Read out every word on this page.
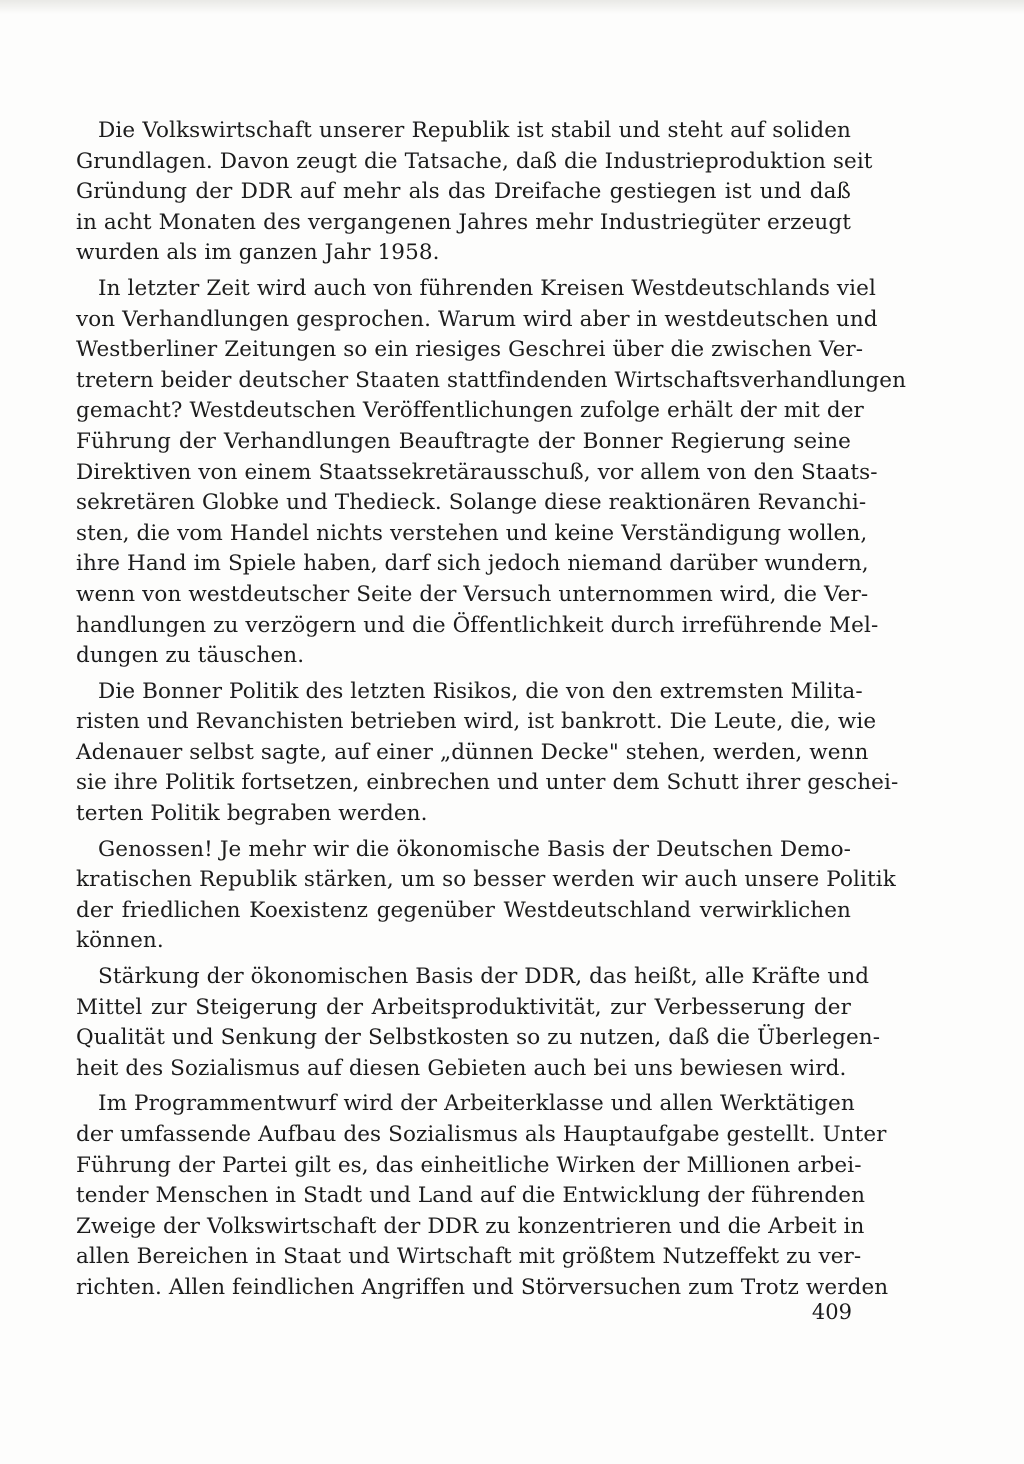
Die Volkswirtschaft unserer Republik ist stabil und steht auf soliden
Grundlagen. Davon zeugt die Tatsache, daß die Industrieproduktion seit
Gründung der DDR auf mehr als das Dreifache gestiegen ist und daß
in acht Monaten des vergangenen Jahres mehr Industriegüter erzeugt
wurden als im ganzen Jahr 1958.
In letzter Zeit wird auch von führenden Kreisen Westdeutschlands viel
von Verhandlungen gesprochen. Warum wird aber in westdeutschen und
Westberliner Zeitungen so ein riesiges Geschrei über die zwischen Ver-
tretern beider deutscher Staaten stattfindenden Wirtschaftsverhandlungen
gemacht? Westdeutschen Veröffentlichungen zufolge erhält der mit der
Führung der Verhandlungen Beauftragte der Bonner Regierung seine
Direktiven von einem Staatssekretärausschuß, vor allem von den Staats-
sekretären Globke und Thedieck. Solange diese reaktionären Revanchi-
sten, die vom Handel nichts verstehen und keine Verständigung wollen,
ihre Hand im Spiele haben, darf sich jedoch niemand darüber wundern,
wenn von westdeutscher Seite der Versuch unternommen wird, die Ver-
handlungen zu verzögern und die Öffentlichkeit durch irreführende Mel-
dungen zu täuschen.
Die Bonner Politik des letzten Risikos, die von den extremsten Milita-
risten und Revanchisten betrieben wird, ist bankrott. Die Leute, die, wie
Adenauer selbst sagte, auf einer „dünnen Decke" stehen, werden, wenn
sie ihre Politik fortsetzen, einbrechen und unter dem Schutt ihrer geschei-
terten Politik begraben werden.
Genossen! Je mehr wir die ökonomische Basis der Deutschen Demo-
kratischen Republik stärken, um so besser werden wir auch unsere Politik
der friedlichen Koexistenz gegenüber Westdeutschland verwirklichen
können.
Stärkung der ökonomischen Basis der DDR, das heißt, alle Kräfte und
Mittel zur Steigerung der Arbeitsproduktivität, zur Verbesserung der
Qualität und Senkung der Selbstkosten so zu nutzen, daß die Überlegen-
heit des Sozialismus auf diesen Gebieten auch bei uns bewiesen wird.
Im Programmentwurf wird der Arbeiterklasse und allen Werktätigen
der umfassende Aufbau des Sozialismus als Hauptaufgabe gestellt. Unter
Führung der Partei gilt es, das einheitliche Wirken der Millionen arbei-
tender Menschen in Stadt und Land auf die Entwicklung der führenden
Zweige der Volkswirtschaft der DDR zu konzentrieren und die Arbeit in
allen Bereichen in Staat und Wirtschaft mit größtem Nutzeffekt zu ver-
richten. Allen feindlichen Angriffen und Störversuchen zum Trotz werden
409
